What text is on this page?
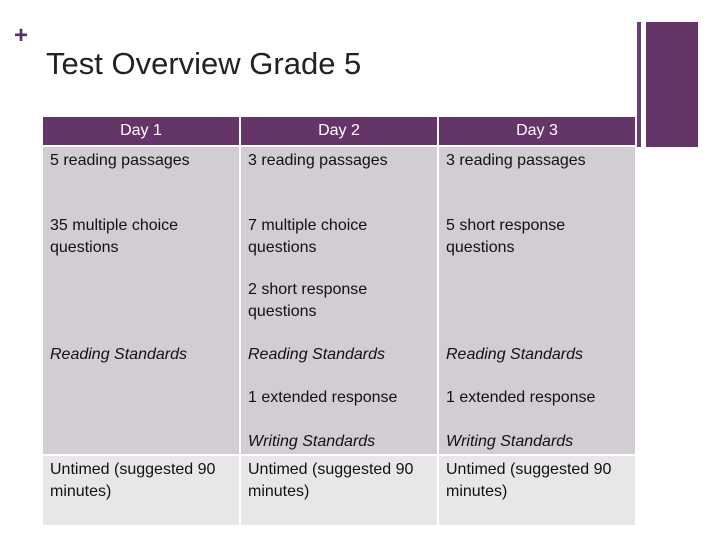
+
Test Overview Grade 5
Day 1
5 reading passages
35 multiple choice questions
Reading Standards
Untimed (suggested 90 minutes)
Day 2
3 reading passages
7 multiple choice questions
2 short response questions
Reading Standards
1 extended response
Writing Standards
Untimed (suggested 90 minutes)
Day 3
3 reading passages
5 short response questions
Reading Standards
1 extended response
Writing Standards
Untimed (suggested 90 minutes)
